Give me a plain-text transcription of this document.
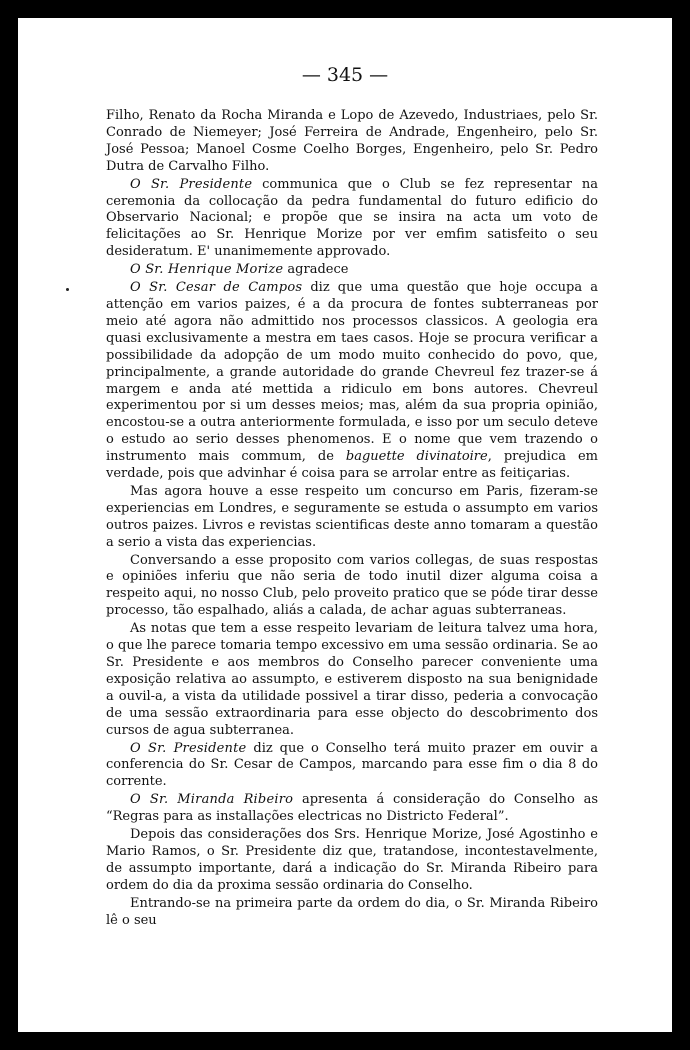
— 345 —

Filho, Renato da Rocha Miranda e Lopo de Azevedo, Industriaes, pelo Sr. Conrado de Niemeyer; José Ferreira de Andrade, Engenheiro, pelo Sr. José Pessoa; Manoel Cosme Coelho Borges, Engenheiro, pelo Sr. Pedro Dutra de Carvalho Filho.

O Sr. Presidente communica que o Club se fez representar na ceremonia da collocação da pedra fundamental do futuro edificio do Observario Nacional; e propõe que se insira na acta um voto de felicitações ao Sr. Henrique Morize por ver emfim satisfeito o seu desideratum. E' unanimemente approvado.

O Sr. Henrique Morize agradece

O Sr. Cesar de Campos diz que uma questão que hoje occupa a attenção em varios paizes, é a da procura de fontes subterraneas por meio até agora não admittido nos processos classicos. A geologia era quasi exclusivamente a mestra em taes casos. Hoje se procura verificar a possibilidade da adopção de um modo muito conhecido do povo, que, principalmente, a grande autoridade do grande Chevreul fez trazer-se á margem e anda até mettida a ridiculo em bons autores. Chevreul experimentou por si um desses meios; mas, além da sua propria opinião, encostou-se a outra anteriormente formulada, e isso por um seculo deteve o estudo ao serio desses phenomenos. E o nome que vem trazendo o instrumento mais commum, de baguette divinatoire, prejudica em verdade, pois que advinhar é coisa para se arrolar entre as feitiçarias.

Mas agora houve a esse respeito um concurso em Paris, fizeram-se experiencias em Londres, e seguramente se estuda o assumpto em varios outros paizes. Livros e revistas scientificas deste anno tomaram a questão a serio a vista das experiencias.

Conversando a esse proposito com varios collegas, de suas respostas e opiniões inferiu que não seria de todo inutil dizer alguma coisa a respeito aqui, no nosso Club, pelo proveito pratico que se póde tirar desse processo, tão espalhado, aliás a calada, de achar aguas subterraneas.

As notas que tem a esse respeito levariam de leitura talvez uma hora, o que lhe parece tomaria tempo excessivo em uma sessão ordinaria. Se ao Sr. Presidente e aos membros do Conselho parecer conveniente uma exposição relativa ao assumpto, e estiverem disposto na sua benignidade a ouvil-a, a vista da utilidade possivel a tirar disso, pederia a convocação de uma sessão extraordinaria para esse objecto do descobrimento dos cursos de agua subterranea.

O Sr. Presidente diz que o Conselho terá muito prazer em ouvir a conferencia do Sr. Cesar de Campos, marcando para esse fim o dia 8 do corrente.

O Sr. Miranda Ribeiro apresenta á consideração do Conselho as “Regras para as installações electricas no Districto Federal”.

Depois das considerações dos Srs. Henrique Morize, José Agostinho e Mario Ramos, o Sr. Presidente diz que, tratandose, incontestavelmente, de assumpto importante, dará a indicação do Sr. Miranda Ribeiro para ordem do dia da proxima sessão ordinaria do Conselho.

Entrando-se na primeira parte da ordem do dia, o Sr. Miranda Ribeiro lê o seu
